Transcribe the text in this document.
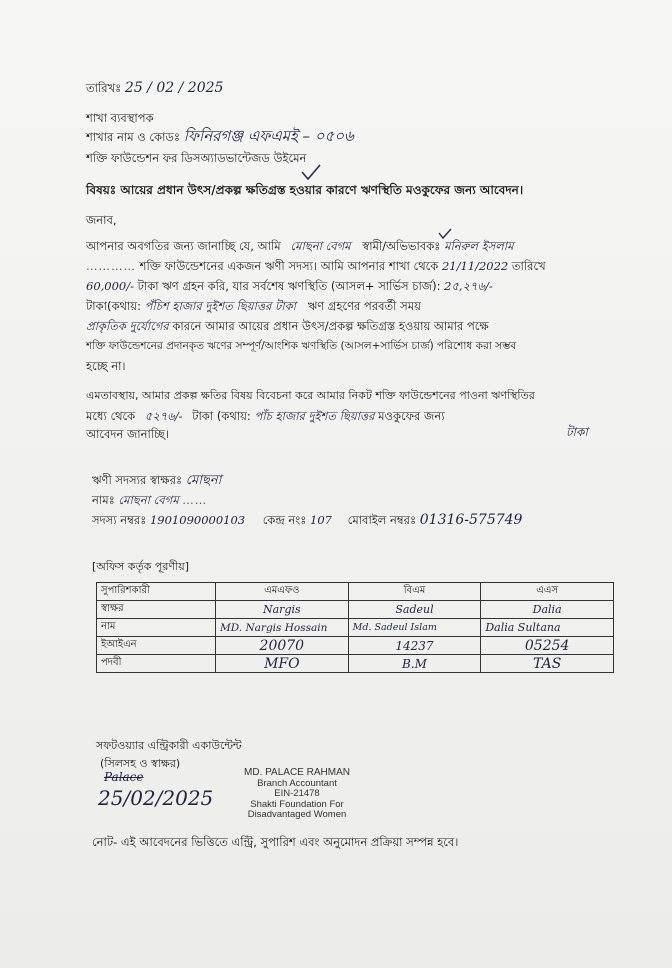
তারিখঃ 25 / 02 / 2025
শাখা ব্যবস্থাপক
শাখার নাম ও কোডঃ ফিনিরগঞ্জ এফএমই – ০৫০৬
শক্তি ফাউন্ডেশন ফর ডিসঅ্যাডভান্টেজড উইমেন
বিষয়ঃ আয়ের প্রধান উৎস/প্রকল্প ক্ষতিগ্রস্ত হওয়ার কারণে ঋণস্থিতি মওকুফের জন্য আবেদন।
জনাব,
আপনার অবগতির জন্য জানাচ্ছি যে, আমি মোছনা বেগম স্বামী/অভিভাবকঃ মনিরুল ইসলাম
………… শক্তি ফাউন্ডেশনের একজন ঋণী সদস্য। আমি আপনার শাখা থেকে 21/11/2022 তারিখে
60,000/- টাকা ঋণ গ্রহন করি, যার সর্বশেষ ঋণস্থিতি (আসল+ সার্ভিস চার্জ): 2৫,২৭৬/-
টাকা(কথায়: পঁচিশ হাজার দুইশত ছিয়াত্তর টাকা ঋণ গ্রহণের পরবর্তী সময়
প্রাকৃতিক দুর্যোগের কারনে আমার আয়ের প্রধান উৎস/প্রকল্প ক্ষতিগ্রস্ত হওয়ায় আমার পক্ষে
শক্তি ফাউন্ডেশনের প্রদানকৃত ঋণের সম্পূর্ণ/আংশিক ঋণস্থিতি (আসল+সার্ভিস চার্জ) পরিশোধ করা সম্ভব
হচ্ছে না।
এমতাবস্থায়, আমার প্রকল্প ক্ষতির বিষয় বিবেচনা করে আমার নিকট শক্তি ফাউন্ডেশনের পাওনা ঋণস্থিতির
মধ্যে থেকে ৫২৭৬/- টাকা (কথায়: পাঁচ হাজার দুইশত ছিয়াত্তর মওকুফের জন্য
টাকা
আবেদন জানাচ্ছি।
ঋণী সদস্যর স্বাক্ষরঃ মোছনা
নামঃ মোছনা বেগম ……
সদস্য নম্বরঃ 1901090000103 কেন্দ্র নংঃ 107 মোবাইল নম্বরঃ 01316-575749
[অফিস কর্তৃক পূরণীয়]
সুপারিশকারী	এমএফও	বিএম	এএস
স্বাক্ষর	Nargis	Sadeul	Dalia
নাম	MD. Nargis Hossain	Md. Sadeul Islam	Dalia Sultana
ইআইএন	20070	14237	05254
পদবী	MFO	B.M	TAS
সফটওয়্যার এন্ট্রিকারী একাউন্টেন্ট
(সিলসহ ও স্বাক্ষর)
Palace
25/02/2025
MD. PALACE RAHMAN
Branch Accountant
EIN-21478
Shakti Foundation For
Disadvantaged Women
নোট- এই আবেদনের ভিত্তিতে এন্ট্রি, সুপারিশ এবং অনুমোদন প্রক্রিয়া সম্পন্ন হবে।
